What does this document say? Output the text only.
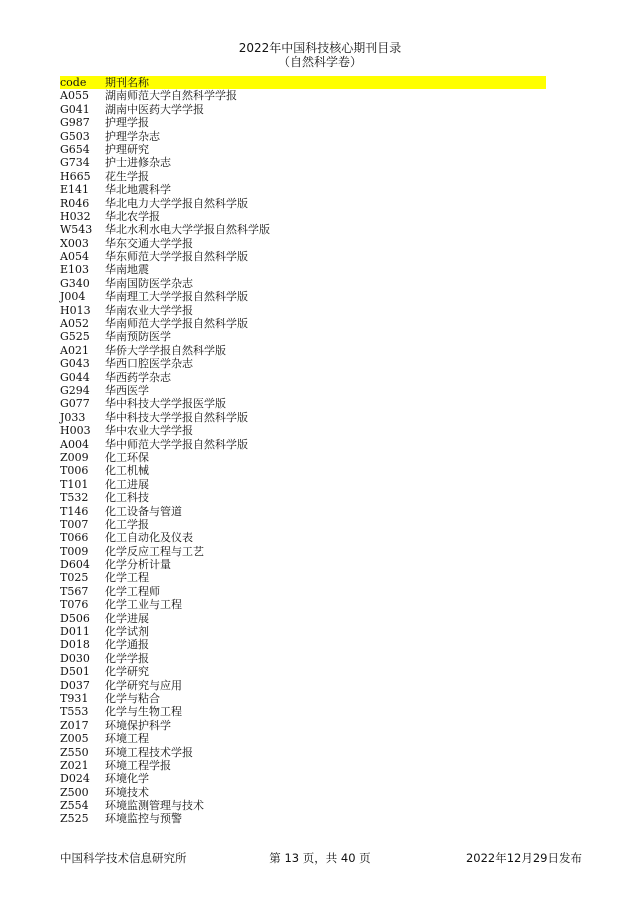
2022年中国科技核心期刊目录
（自然科学卷）
code	期刊名称
A055	湖南师范大学自然科学学报
G041	湖南中医药大学学报
G987	护理学报
G503	护理学杂志
G654	护理研究
G734	护士进修杂志
H665	花生学报
E141	华北地震科学
R046	华北电力大学学报自然科学版
H032	华北农学报
W543	华北水利水电大学学报自然科学版
X003	华东交通大学学报
A054	华东师范大学学报自然科学版
E103	华南地震
G340	华南国防医学杂志
J004	华南理工大学学报自然科学版
H013	华南农业大学学报
A052	华南师范大学学报自然科学版
G525	华南预防医学
A021	华侨大学学报自然科学版
G043	华西口腔医学杂志
G044	华西药学杂志
G294	华西医学
G077	华中科技大学学报医学版
J033	华中科技大学学报自然科学版
H003	华中农业大学学报
A004	华中师范大学学报自然科学版
Z009	化工环保
T006	化工机械
T101	化工进展
T532	化工科技
T146	化工设备与管道
T007	化工学报
T066	化工自动化及仪表
T009	化学反应工程与工艺
D604	化学分析计量
T025	化学工程
T567	化学工程师
T076	化学工业与工程
D506	化学进展
D011	化学试剂
D018	化学通报
D030	化学学报
D501	化学研究
D037	化学研究与应用
T931	化学与粘合
T553	化学与生物工程
Z017	环境保护科学
Z005	环境工程
Z550	环境工程技术学报
Z021	环境工程学报
D024	环境化学
Z500	环境技术
Z554	环境监测管理与技术
Z525	环境监控与预警
中国科学技术信息研究所	第 13 页，共 40 页	2022年12月29日发布
